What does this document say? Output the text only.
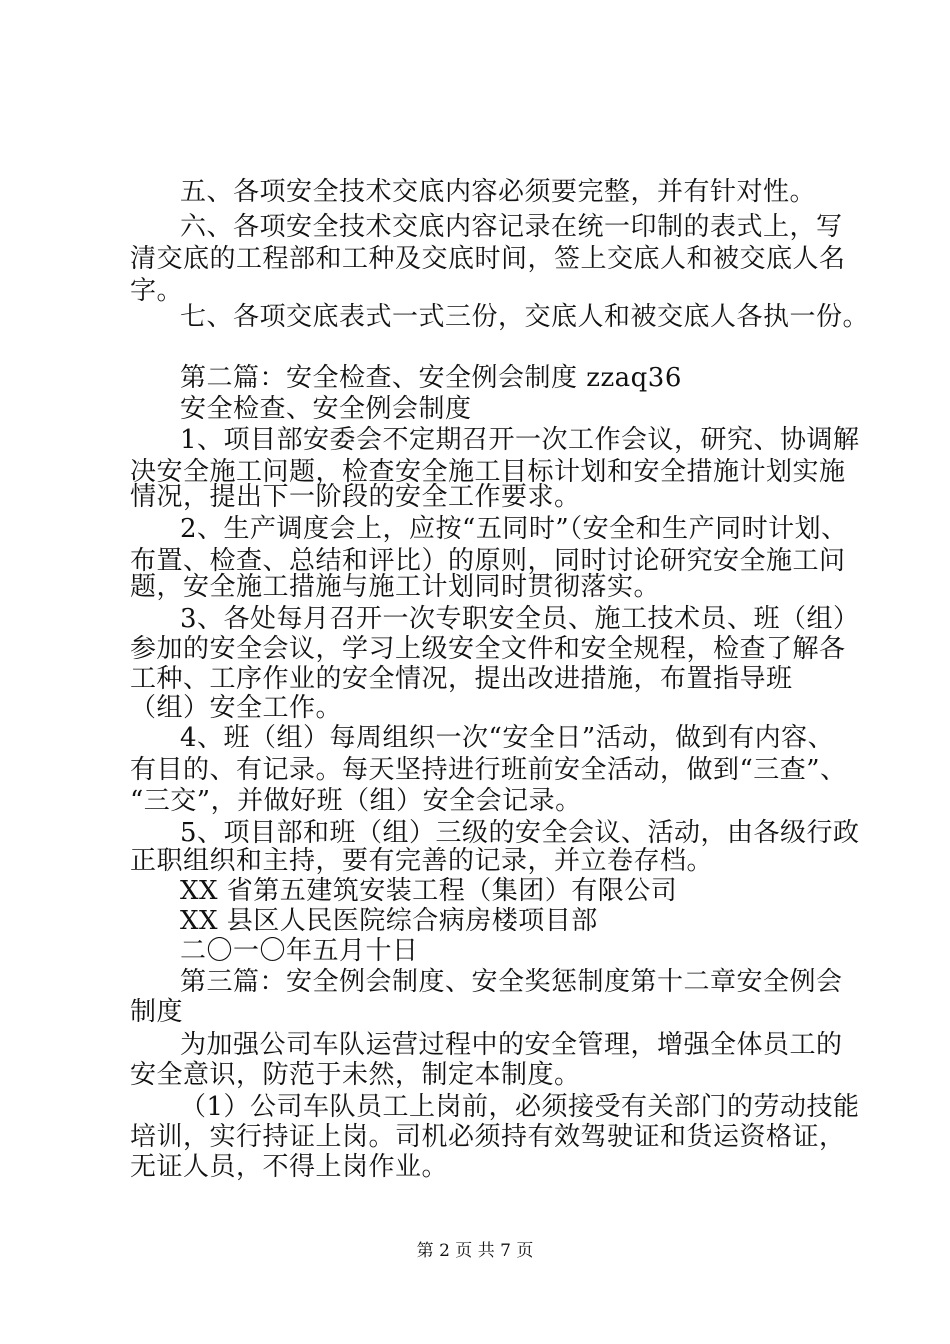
五、各项安全技术交底内容必须要完整，并有针对性。
六、各项安全技术交底内容记录在统一印制的表式上，写
清交底的工程部和工种及交底时间，签上交底人和被交底人名
字。
七、各项交底表式一式三份，交底人和被交底人各执一份。
第二篇：安全检查、安全例会制度 zzaq36
安全检查、安全例会制度
1、项目部安委会不定期召开一次工作会议，研究、协调解
决安全施工问题，检查安全施工目标计划和安全措施计划实施
情况，提出下一阶段的安全工作要求。
2、生产调度会上，应按“五同时”（安全和生产同时计划、
布置、检查、总结和评比）的原则，同时讨论研究安全施工问
题，安全施工措施与施工计划同时贯彻落实。
3、各处每月召开一次专职安全员、施工技术员、班（组）
参加的安全会议，学习上级安全文件和安全规程，检查了解各
工种、工序作业的安全情况，提出改进措施，布置指导班
（组）安全工作。
4、班（组）每周组织一次“安全日”活动，做到有内容、
有目的、有记录。每天坚持进行班前安全活动，做到“三查”、
“三交”，并做好班（组）安全会记录。
5、项目部和班（组）三级的安全会议、活动，由各级行政
正职组织和主持，要有完善的记录，并立卷存档。
XX 省第五建筑安装工程（集团）有限公司
XX 县区人民医院综合病房楼项目部
二〇一〇年五月十日
第三篇：安全例会制度、安全奖惩制度第十二章安全例会
制度
为加强公司车队运营过程中的安全管理，增强全体员工的
安全意识，防范于未然，制定本制度。
（1）公司车队员工上岗前，必须接受有关部门的劳动技能
培训，实行持证上岗。司机必须持有效驾驶证和货运资格证，
无证人员，不得上岗作业。
第 2 页 共 7 页
